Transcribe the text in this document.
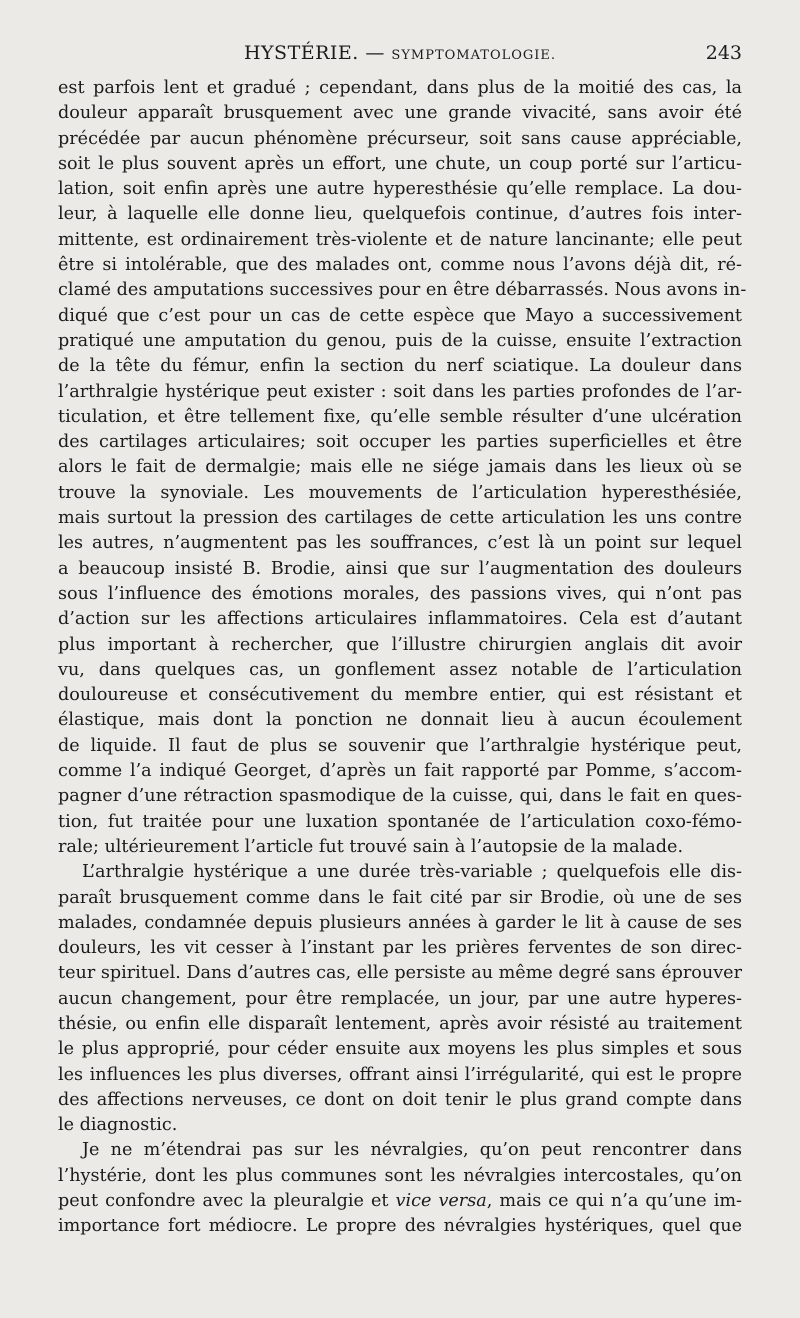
HYSTÉRIE. — SYMPTOMATOLOGIE.	243
est parfois lent et gradué ; cependant, dans plus de la moitié des cas, la
douleur apparaît brusquement avec une grande vivacité, sans avoir été
précédée par aucun phénomène précurseur, soit sans cause appréciable,
soit le plus souvent après un effort, une chute, un coup porté sur l’articu-
lation, soit enfin après une autre hyperesthésie qu’elle remplace. La dou-
leur, à laquelle elle donne lieu, quelquefois continue, d’autres fois inter-
mittente, est ordinairement très-violente et de nature lancinante; elle peut
être si intolérable, que des malades ont, comme nous l’avons déjà dit, ré-
clamé des amputations successives pour en être débarrassés. Nous avons in-
diqué que c’est pour un cas de cette espèce que Mayo a successivement
pratiqué une amputation du genou, puis de la cuisse, ensuite l’extraction
de la tête du fémur, enfin la section du nerf sciatique. La douleur dans
l’arthralgie hystérique peut exister : soit dans les parties profondes de l’ar-
ticulation, et être tellement fixe, qu’elle semble résulter d’une ulcération
des cartilages articulaires; soit occuper les parties superficielles et être
alors le fait de dermalgie; mais elle ne siége jamais dans les lieux où se
trouve la synoviale. Les mouvements de l’articulation hyperesthésiée,
mais surtout la pression des cartilages de cette articulation les uns contre
les autres, n’augmentent pas les souffrances, c’est là un point sur lequel
a beaucoup insisté B. Brodie, ainsi que sur l’augmentation des douleurs
sous l’influence des émotions morales, des passions vives, qui n’ont pas
d’action sur les affections articulaires inflammatoires. Cela est d’autant
plus important à rechercher, que l’illustre chirurgien anglais dit avoir
vu, dans quelques cas, un gonflement assez notable de l’articulation
douloureuse et consécutivement du membre entier, qui est résistant et
élastique, mais dont la ponction ne donnait lieu à aucun écoulement
de liquide. Il faut de plus se souvenir que l’arthralgie hystérique peut,
comme l’a indiqué Georget, d’après un fait rapporté par Pomme, s’accom-
pagner d’une rétraction spasmodique de la cuisse, qui, dans le fait en ques-
tion, fut traitée pour une luxation spontanée de l’articulation coxo-fémo-
rale; ultérieurement l’article fut trouvé sain à l’autopsie de la malade.
L’arthralgie hystérique a une durée très-variable ; quelquefois elle dis-
paraît brusquement comme dans le fait cité par sir Brodie, où une de ses
malades, condamnée depuis plusieurs années à garder le lit à cause de ses
douleurs, les vit cesser à l’instant par les prières ferventes de son direc-
teur spirituel. Dans d’autres cas, elle persiste au même degré sans éprouver
aucun changement, pour être remplacée, un jour, par une autre hyperes-
thésie, ou enfin elle disparaît lentement, après avoir résisté au traitement
le plus approprié, pour céder ensuite aux moyens les plus simples et sous
les influences les plus diverses, offrant ainsi l’irrégularité, qui est le propre
des affections nerveuses, ce dont on doit tenir le plus grand compte dans
le diagnostic.
Je ne m’étendrai pas sur les névralgies, qu’on peut rencontrer dans
l’hystérie, dont les plus communes sont les névralgies intercostales, qu’on
peut confondre avec la pleuralgie et vice versa, mais ce qui n’a qu’une im-
importance fort médiocre. Le propre des névralgies hystériques, quel que
